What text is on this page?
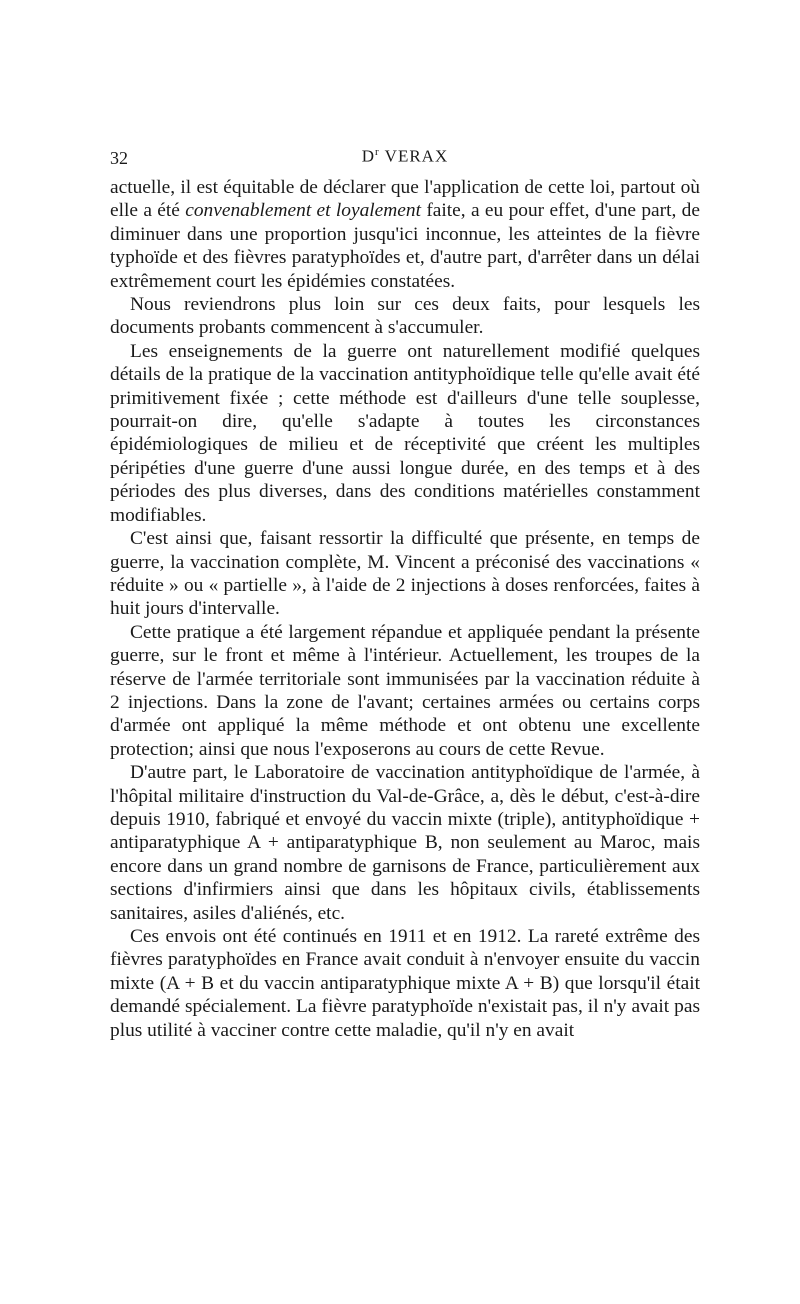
32	$D^r$ VERAX

actuelle, il est équitable de déclarer que l'application de cette loi, partout où elle a été convenablement et loyalement faite, a eu pour effet, d'une part, de diminuer dans une proportion jusqu'ici inconnue, les atteintes de la fièvre typhoïde et des fièvres paratyphoïdes et, d'autre part, d'arrêter dans un délai extrêmement court les épidémies constatées.

Nous reviendrons plus loin sur ces deux faits, pour lesquels les documents probants commencent à s'accumuler.

Les enseignements de la guerre ont naturellement modifié quelques détails de la pratique de la vaccination antityphoïdique telle qu'elle avait été primitivement fixée ; cette méthode est d'ailleurs d'une telle souplesse, pourrait-on dire, qu'elle s'adapte à toutes les circonstances épidémiologiques de milieu et de réceptivité que créent les multiples péripéties d'une guerre d'une aussi longue durée, en des temps et à des périodes des plus diverses, dans des conditions matérielles constamment modifiables.

C'est ainsi que, faisant ressortir la difficulté que présente, en temps de guerre, la vaccination complète, M. Vincent a préconisé des vaccinations « réduite » ou « partielle », à l'aide de 2 injections à doses renforcées, faites à huit jours d'intervalle.

Cette pratique a été largement répandue et appliquée pendant la présente guerre, sur le front et même à l'intérieur. Actuellement, les troupes de la réserve de l'armée territoriale sont immunisées par la vaccination réduite à 2 injections. Dans la zone de l'avant; certaines armées ou certains corps d'armée ont appliqué la même méthode et ont obtenu une excellente protection; ainsi que nous l'exposerons au cours de cette Revue.

D'autre part, le Laboratoire de vaccination antityphoïdique de l'armée, à l'hôpital militaire d'instruction du Val-de-Grâce, a, dès le début, c'est-à-dire depuis 1910, fabriqué et envoyé du vaccin mixte (triple), antityphoïdique + antiparatyphique A + antiparatyphique B, non seulement au Maroc, mais encore dans un grand nombre de garnisons de France, particulièrement aux sections d'infirmiers ainsi que dans les hôpitaux civils, établissements sanitaires, asiles d'aliénés, etc.

Ces envois ont été continués en 1911 et en 1912. La rareté extrême des fièvres paratyphoïdes en France avait conduit à n'envoyer ensuite du vaccin mixte (A + B et du vaccin antiparatyphique mixte A + B) que lorsqu'il était demandé spécialement. La fièvre paratyphoïde n'existait pas, il n'y avait pas plus utilité à vacciner contre cette maladie, qu'il n'y en avait
